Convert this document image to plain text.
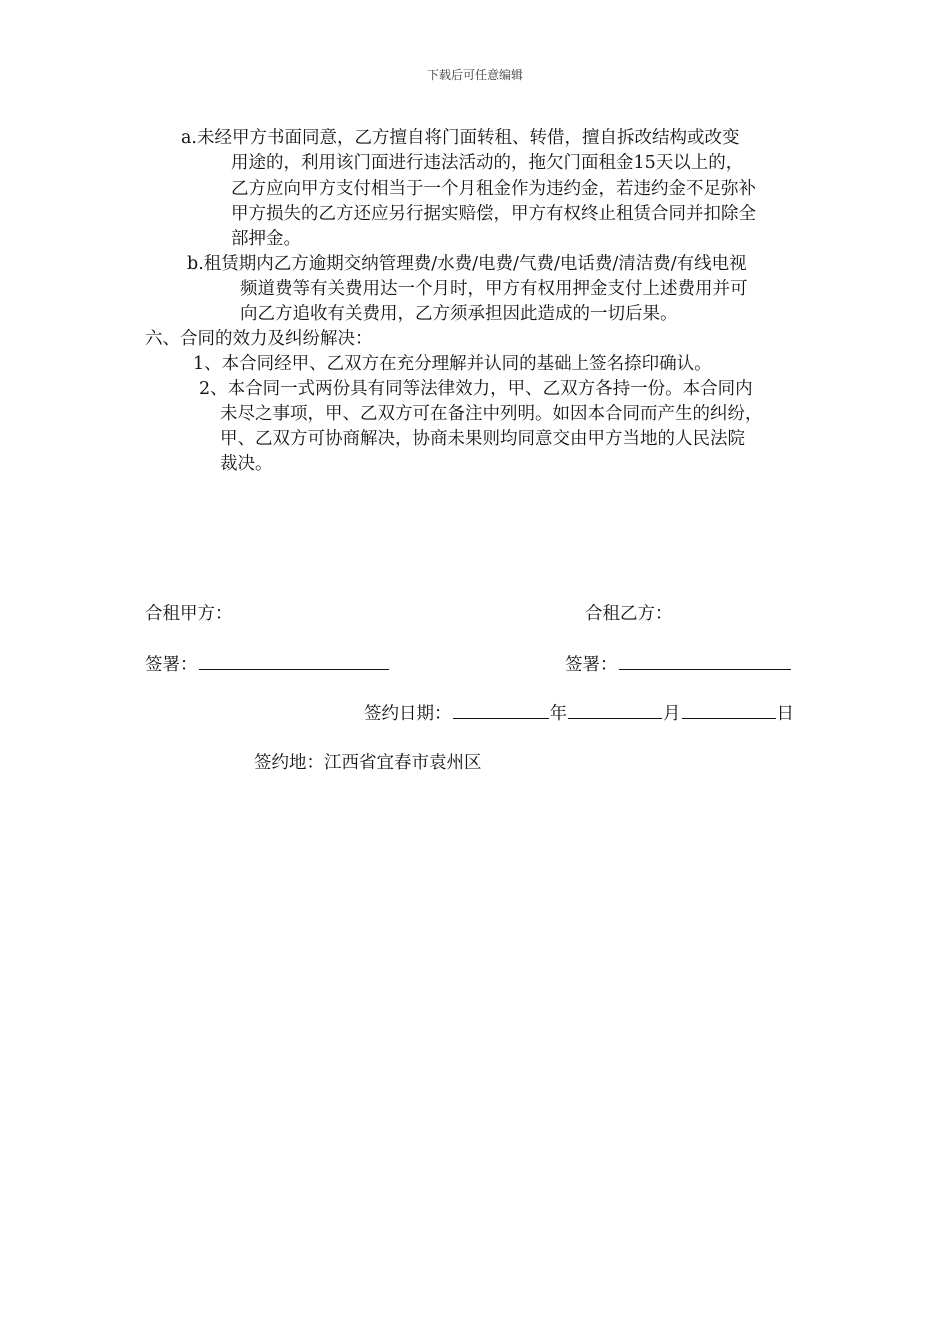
下载后可任意编辑
a.未经甲方书面同意，乙方擅自将门面转租、转借，擅自拆改结构或改变
用途的，利用该门面进行违法活动的，拖欠门面租金15天以上的，
乙方应向甲方支付相当于一个月租金作为违约金，若违约金不足弥补
甲方损失的乙方还应另行据实赔偿，甲方有权终止租赁合同并扣除全
部押金。
b.租赁期内乙方逾期交纳管理费/水费/电费/气费/电话费/清洁费/有线电视
频道费等有关费用达一个月时，甲方有权用押金支付上述费用并可
向乙方追收有关费用，乙方须承担因此造成的一切后果。
六、合同的效力及纠纷解决：
1、本合同经甲、乙双方在充分理解并认同的基础上签名捺印确认。
2、本合同一式两份具有同等法律效力，甲、乙双方各持一份。本合同内
未尽之事项，甲、乙双方可在备注中列明。如因本合同而产生的纠纷，
甲、乙双方可协商解决，协商未果则均同意交由甲方当地的人民法院
裁决。
合租甲方：	合租乙方：
签署：	签署：
签约日期：	年	月	日
签约地：江西省宜春市袁州区
